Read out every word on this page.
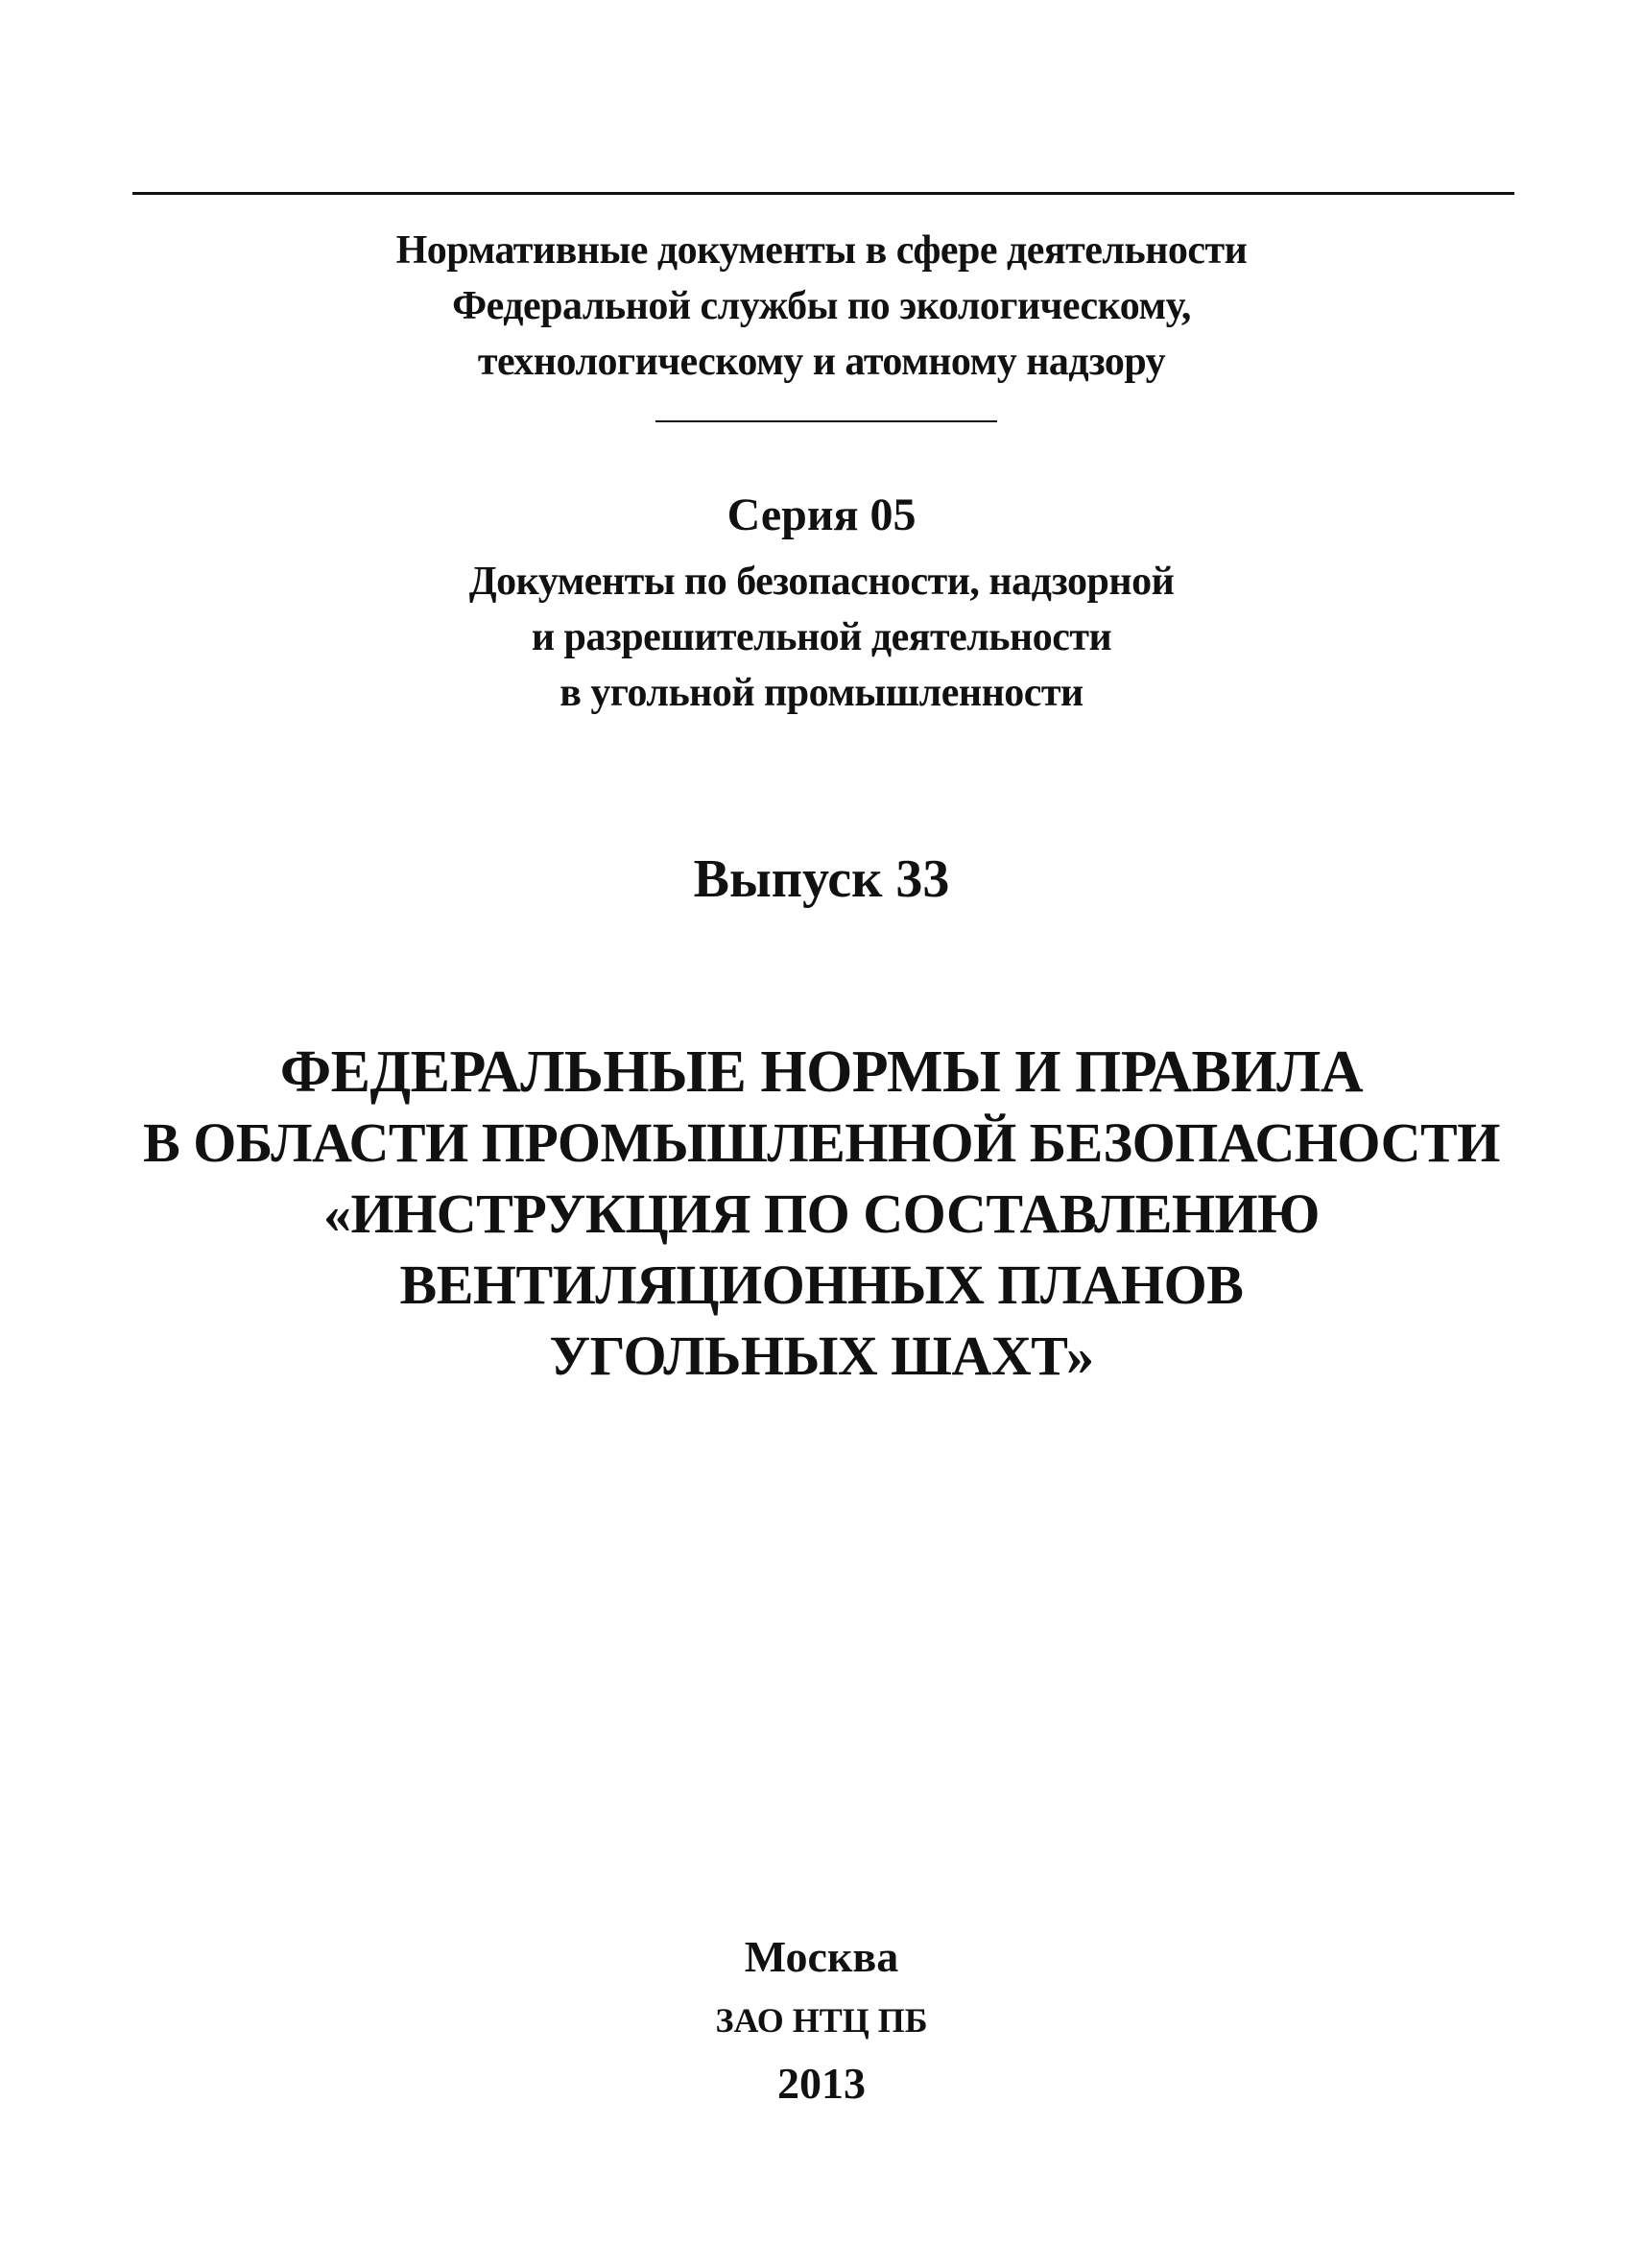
Нормативные документы в сфере деятельности
Федеральной службы по экологическому,
технологическому и атомному надзору
Серия 05
Документы по безопасности, надзорной
и разрешительной деятельности
в угольной промышленности
Выпуск 33
ФЕДЕРАЛЬНЫЕ НОРМЫ И ПРАВИЛА
В ОБЛАСТИ ПРОМЫШЛЕННОЙ БЕЗОПАСНОСТИ
«ИНСТРУКЦИЯ ПО СОСТАВЛЕНИЮ
ВЕНТИЛЯЦИОННЫХ ПЛАНОВ
УГОЛЬНЫХ ШАХТ»
Москва
ЗАО НТЦ ПБ
2013
